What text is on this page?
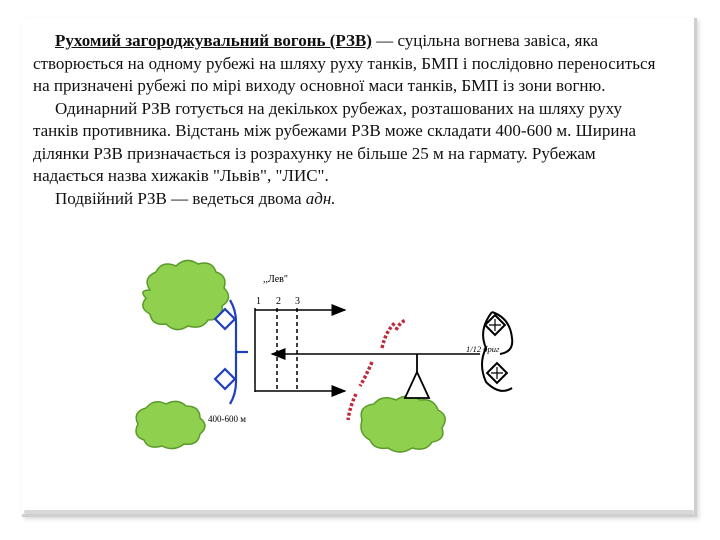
Рухомий загороджувальний вогонь (РЗВ) — суцільна вогнева завіса, яка створюється на одному рубежі на шляху руху танків, БМП і послідовно переноситься на призначені рубежі по мірі виходу основної маси танків, БМП із зони вогню.

Одинарний РЗВ готується на декількох рубежах, розташованих на шляху руху танків противника. Відстань між рубежами РЗВ може складати 400-600 м. Ширина ділянки РЗВ призначається із розрахунку не більше 25 м на гармату. Рубежам надається назва хижаків "Львів", "ЛИС".

Подвійний РЗВ — ведеться двома адн.

,,Лев"
1 2 3
1/12 бриг
400-600 м
